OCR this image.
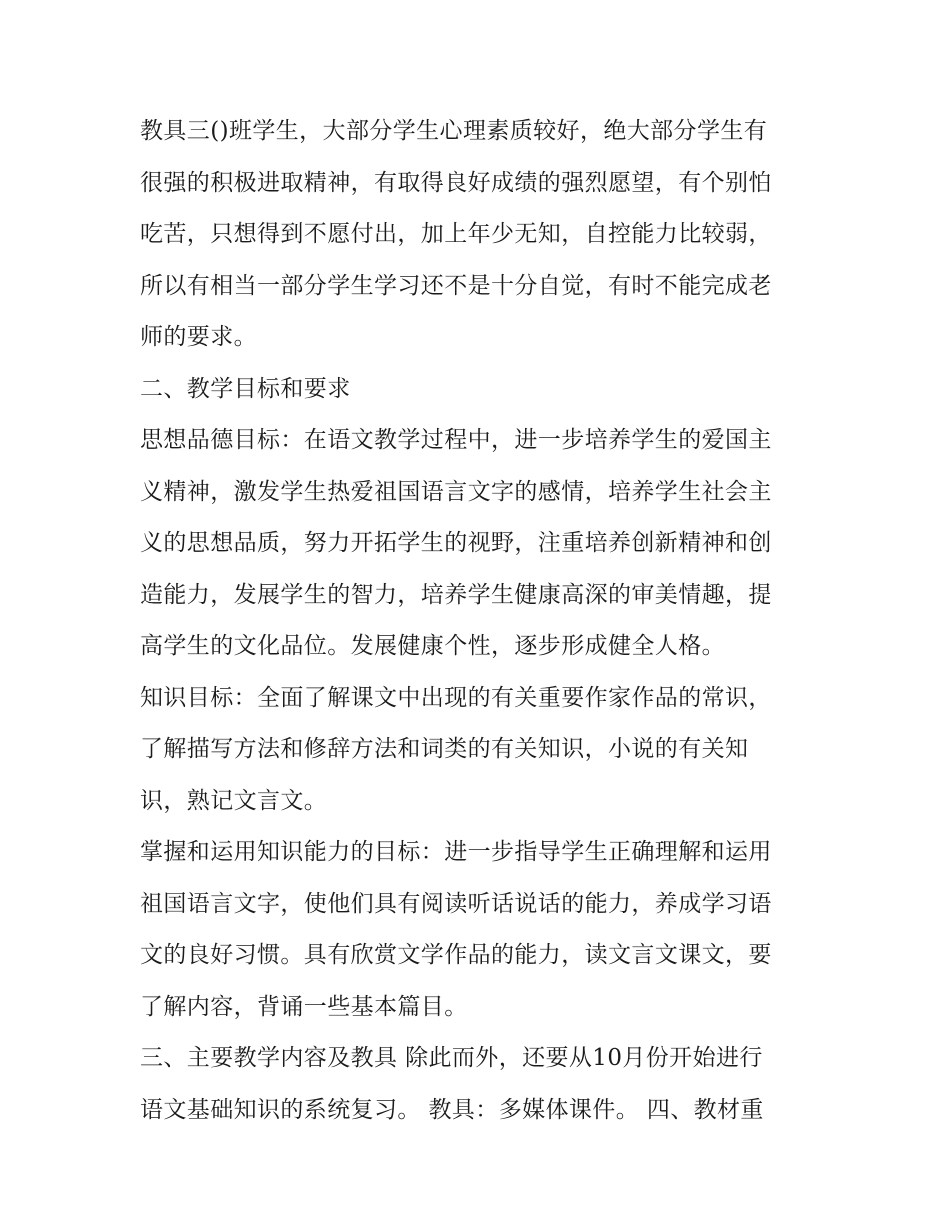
教具三()班学生，大部分学生心理素质较好，绝大部分学生有
很强的积极进取精神，有取得良好成绩的强烈愿望，有个别怕
吃苦，只想得到不愿付出，加上年少无知，自控能力比较弱，
所以有相当一部分学生学习还不是十分自觉，有时不能完成老
师的要求。
二、教学目标和要求
思想品德目标：在语文教学过程中，进一步培养学生的爱国主
义精神，激发学生热爱祖国语言文字的感情，培养学生社会主
义的思想品质，努力开拓学生的视野，注重培养创新精神和创
造能力，发展学生的智力，培养学生健康高深的审美情趣，提
高学生的文化品位。发展健康个性，逐步形成健全人格。
知识目标：全面了解课文中出现的有关重要作家作品的常识，
了解描写方法和修辞方法和词类的有关知识，小说的有关知
识，熟记文言文。
掌握和运用知识能力的目标：进一步指导学生正确理解和运用
祖国语言文字，使他们具有阅读听话说话的能力，养成学习语
文的良好习惯。具有欣赏文学作品的能力，读文言文课文，要
了解内容，背诵一些基本篇目。
三、主要教学内容及教具 除此而外，还要从10月份开始进行
语文基础知识的系统复习。 教具：多媒体课件。 四、教材重
